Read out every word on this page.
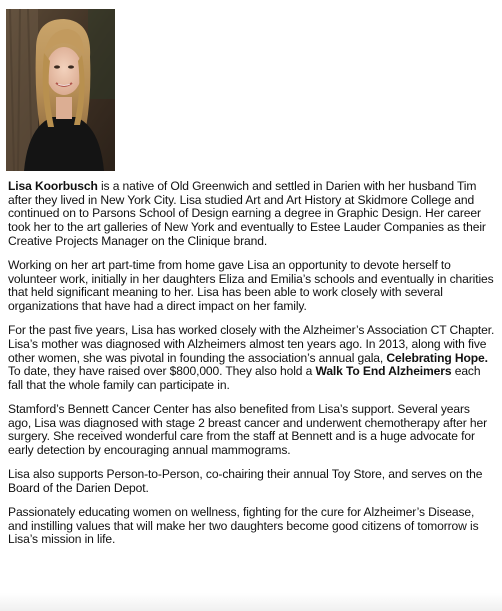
Lisa Koorbusch is a native of Old Greenwich and settled in Darien with her husband Tim after they lived in New York City. Lisa studied Art and Art History at Skidmore College and continued on to Parsons School of Design earning a degree in Graphic Design. Her career took her to the art galleries of New York and eventually to Estee Lauder Companies as their Creative Projects Manager on the Clinique brand.

Working on her art part-time from home gave Lisa an opportunity to devote herself to volunteer work, initially in her daughters Eliza and Emilia’s schools and eventually in charities that held significant meaning to her. Lisa has been able to work closely with several organizations that have had a direct impact on her family.

For the past five years, Lisa has worked closely with the Alzheimer’s Association CT Chapter. Lisa’s mother was diagnosed with Alzheimers almost ten years ago. In 2013, along with five other women, she was pivotal in founding the association’s annual gala, Celebrating Hope. To date, they have raised over $800,000. They also hold a Walk To End Alzheimers each fall that the whole family can participate in.

Stamford’s Bennett Cancer Center has also benefited from Lisa’s support. Several years ago, Lisa was diagnosed with stage 2 breast cancer and underwent chemotherapy after her surgery. She received wonderful care from the staff at Bennett and is a huge advocate for early detection by encouraging annual mammograms.

Lisa also supports Person-to-Person, co-chairing their annual Toy Store, and serves on the Board of the Darien Depot.

Passionately educating women on wellness, fighting for the cure for Alzheimer’s Disease, and instilling values that will make her two daughters become good citizens of tomorrow is Lisa’s mission in life.
